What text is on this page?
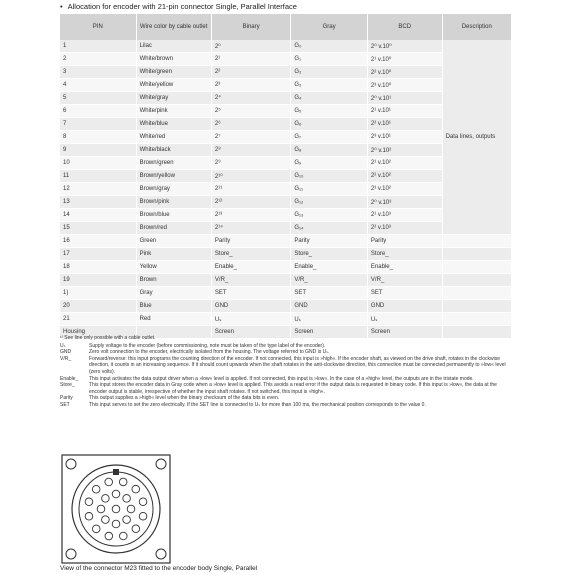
• Allocation for encoder with 21-pin connector Single, Parallel Interface
PIN	Wire color by cable outlet	Binary	Gray	BCD	Description
1	Lilac	2⁰	G₀	2⁰ v.10⁰	Data lines, outputs
2	White/brown	2¹	G₁	2¹ v.10⁰	
3	White/green	2²	G₂	2² v.10⁰	
4	White/yellow	2³	G₃	2³ v.10⁰	
5	White/gray	2⁴	G₄	2⁰ v.10¹	
6	White/pink	2⁵	G₅	2¹ v.10¹	
7	White/blue	2⁶	G₆	2² v.10¹	
8	White/red	2⁷	G₇	2³ v.10¹	
9	White/black	2⁸	G₈	2⁰ v.10²	
10	Brown/green	2⁹	G₉	2¹ v.10²	
11	Brown/yellow	2¹⁰	G₁₀	2² v.10²	
12	Brown/gray	2¹¹	G₁₁	2³ v.10²	
13	Brown/pink	2¹²	G₁₂	2⁰ v.10³	
14	Brown/blue	2¹³	G₁₃	2¹ v.10³	
15	Brown/red	2¹⁴	G₁₄	2² v.10³	
16	Green	Parity	Parity	Parity	
17	Pink	Store_	Store_	Store_	
18	Yellow	Enable_	Enable_	Enable_	
19	Brown	V/R_	V/R_	V/R_	
1)	Gray	SET	SET	SET	
20	Blue	GND	GND	GND	
21	Red	Uₛ	Uₛ	Uₛ	
Housing		Screen	Screen	Screen	
¹⁾ See line only possible with a cable outlet.
Uₛ	Supply voltage to the encoder (before commissioning, note must be taken of the type label of the encoder).
GND	Zero volt connection to the encoder, electrically isolated from the housing. The voltage referred to GND is Uₛ.
V/R_	Forward/reverse: this input programs the counting direction of the encoder. If not connected, this input is »high«. If the encoder shaft, as viewed on the drive shaft, rotates in the clockwise direction, it counts in an increasing sequence. If it should count upwards when the shaft rotates in the anti-clockwise direction, this connection must be connected permanently to »low« level (zero volts).
Enable_	This input activates the data output driver when a »low« level is applied. If not connected, this input is »low«. In the case of a »high« level, the outputs are in the tristate mode.
Store_	This input stores the encoder data in Gray code when a »low« level is applied. This avoids a read error if the output data is requested in binary code. If this input is »low«, the data at the encoder output is stable, irrespective of whether the input shaft rotates. If not switched, this input is »high«.
Parity	This output supplies a »high« level when the binary checksum of the data bits is even.
SET	This input serves to set the zero electrically. If the SET line is connected to Uₛ for more than 100 ms, the mechanical position corresponds to the value 0.
View of the connector M23 fitted to the encoder body Single, Parallel
